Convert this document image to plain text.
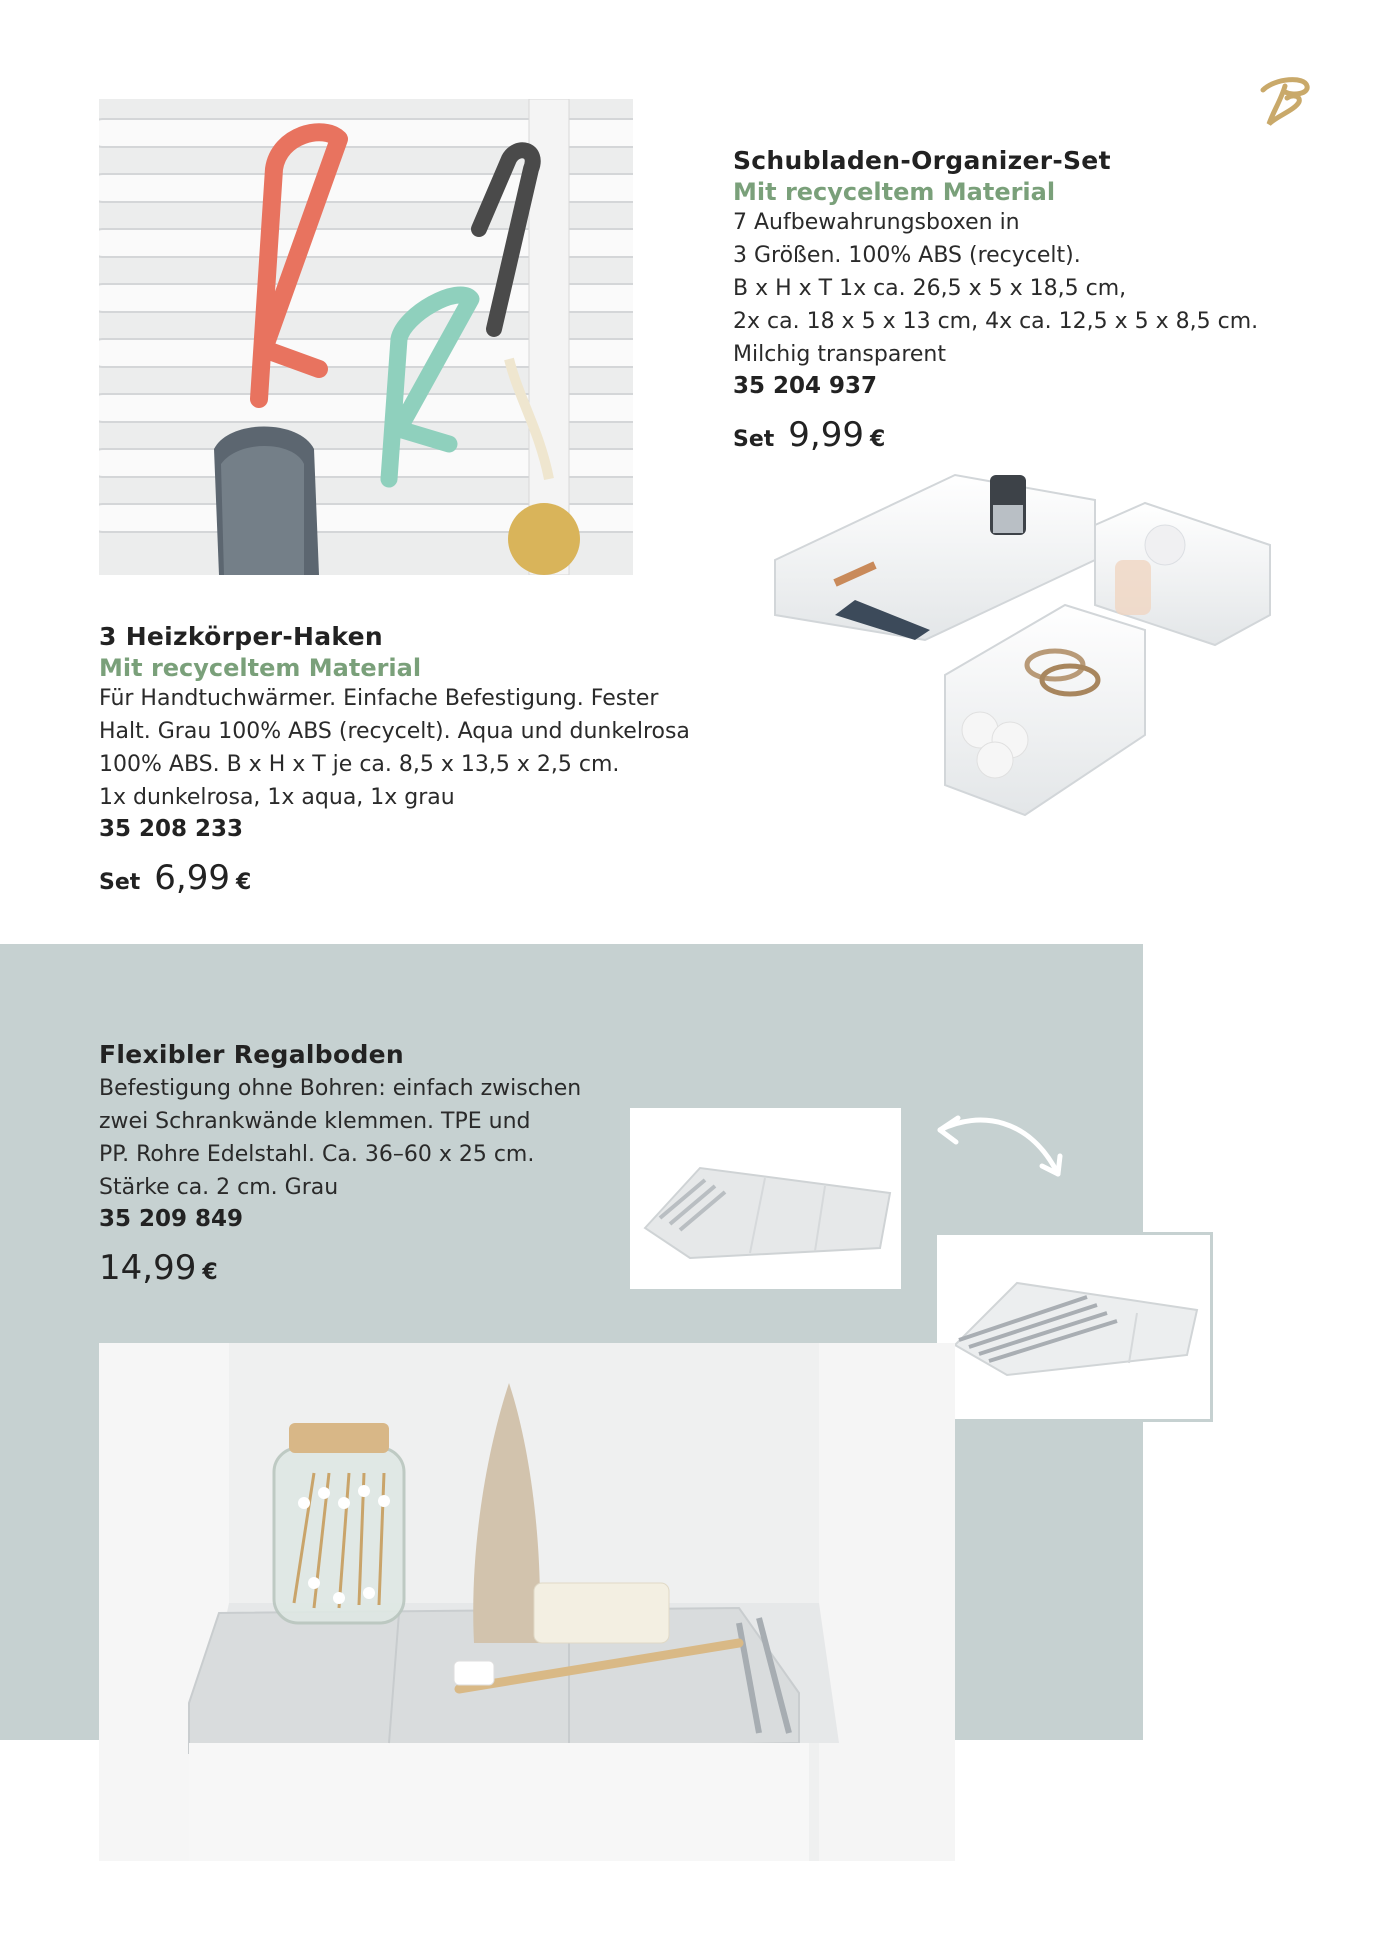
Schubladen-Organizer-Set
Mit recyceltem Material
7 Aufbewahrungsboxen in
3 Größen. 100% ABS (recycelt).
B x H x T 1x ca. 26,5 x 5 x 18,5 cm,
2x ca. 18 x 5 x 13 cm, 4x ca. 12,5 x 5 x 8,5 cm.
Milchig transparent
35 204 937
Set 9,99 €
3 Heizkörper-Haken
Mit recyceltem Material
Für Handtuchwärmer. Einfache Befestigung. Fester
Halt. Grau 100% ABS (recycelt). Aqua und dunkelrosa
100% ABS. B x H x T je ca. 8,5 x 13,5 x 2,5 cm.
1x dunkelrosa, 1x aqua, 1x grau
35 208 233
Set 6,99 €
Flexibler Regalboden
Befestigung ohne Bohren: einfach zwischen
zwei Schrankwände klemmen. TPE und
PP. Rohre Edelstahl. Ca. 36–60 x 25 cm.
Stärke ca. 2 cm. Grau
35 209 849
14,99 €
